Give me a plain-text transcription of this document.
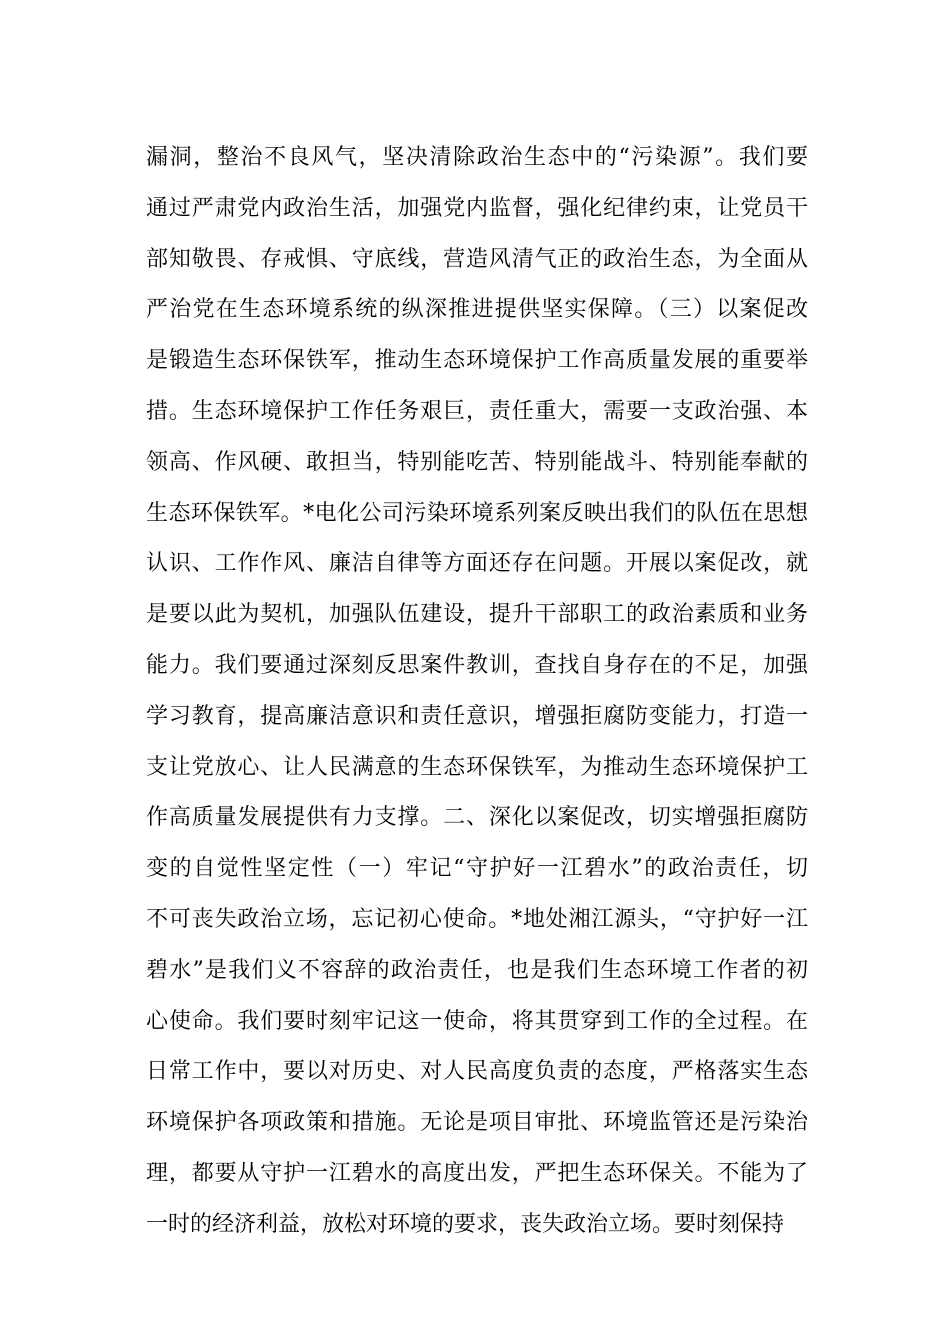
漏洞，整治不良风气，坚决清除政治生态中的“污染源”。我们要
通过严肃党内政治生活，加强党内监督，强化纪律约束，让党员干
部知敬畏、存戒惧、守底线，营造风清气正的政治生态，为全面从
严治党在生态环境系统的纵深推进提供坚实保障。（三）以案促改
是锻造生态环保铁军，推动生态环境保护工作高质量发展的重要举
措。生态环境保护工作任务艰巨，责任重大，需要一支政治强、本
领高、作风硬、敢担当，特别能吃苦、特别能战斗、特别能奉献的
生态环保铁军。*电化公司污染环境系列案反映出我们的队伍在思想
认识、工作作风、廉洁自律等方面还存在问题。开展以案促改，就
是要以此为契机，加强队伍建设，提升干部职工的政治素质和业务
能力。我们要通过深刻反思案件教训，查找自身存在的不足，加强
学习教育，提高廉洁意识和责任意识，增强拒腐防变能力，打造一
支让党放心、让人民满意的生态环保铁军，为推动生态环境保护工
作高质量发展提供有力支撑。二、深化以案促改，切实增强拒腐防
变的自觉性坚定性（一）牢记“守护好一江碧水”的政治责任，切
不可丧失政治立场，忘记初心使命。*地处湘江源头，“守护好一江
碧水”是我们义不容辞的政治责任，也是我们生态环境工作者的初
心使命。我们要时刻牢记这一使命，将其贯穿到工作的全过程。在
日常工作中，要以对历史、对人民高度负责的态度，严格落实生态
环境保护各项政策和措施。无论是项目审批、环境监管还是污染治
理，都要从守护一江碧水的高度出发，严把生态环保关。不能为了
一时的经济利益，放松对环境的要求，丧失政治立场。要时刻保持
